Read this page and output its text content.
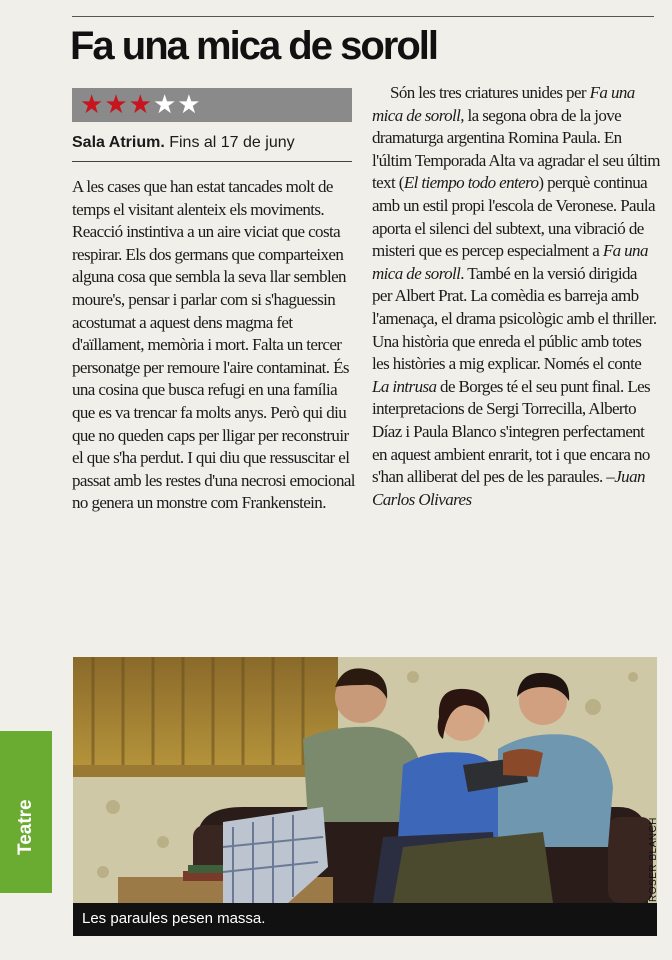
Fa una mica de soroll
★★★★★
Sala Atrium. Fins al 17 de juny

A les cases que han estat tancades molt de temps el visitant alenteix els moviments. Reacció instintiva a un aire viciat que costa respirar. Els dos germans que comparteixen alguna cosa que sembla la seva llar semblen moure's, pensar i parlar com si s'haguessin acostumat a aquest dens magma fet d'aïllament, memòria i mort. Falta un tercer personatge per remoure l'aire contaminat. És una cosina que busca refugi en una família que es va trencar fa molts anys. Però qui diu que no queden caps per lligar per reconstruir el que s'ha perdut. I qui diu que ressuscitar el passat amb les restes d'una necrosi emocional no genera un monstre com Frankenstein.

Són les tres criatures unides per Fa una mica de soroll, la segona obra de la jove dramaturga argentina Romina Paula. En l'últim Temporada Alta va agradar el seu últim text (El tiempo todo entero) perquè continua amb un estil propi l'escola de Veronese. Paula aporta el silenci del subtext, una vibració de misteri que es percep especialment a Fa una mica de soroll. També en la versió dirigida per Albert Prat. La comèdia es barreja amb l'amenaça, el drama psicològic amb el thriller. Una història que enreda el públic amb totes les històries a mig explicar. Només el conte La intrusa de Borges té el seu punt final. Les interpretacions de Sergi Torrecilla, Alberto Díaz i Paula Blanco s'integren perfectament en aquest ambient enrarit, tot i que encara no s'han alliberat del pes de les paraules. –Juan Carlos Olivares

Les paraules pesen massa.
ROSER BLANCH
Teatre
